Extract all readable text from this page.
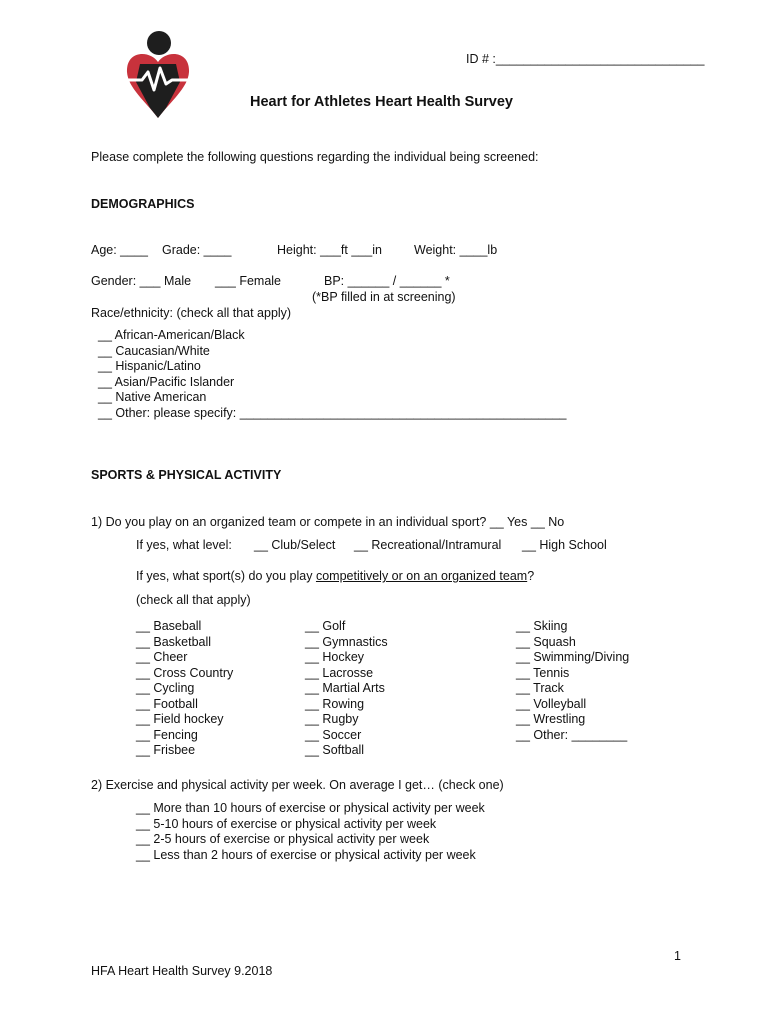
ID # :______________________________
Heart for Athletes Heart Health Survey
Please complete the following questions regarding the individual being screened:
DEMOGRAPHICS
Age: ____ Grade: ____	Height: ___ft ___in	Weight: ____lb
Gender: ___ Male ___ Female	BP: ______ / ______ *
(*BP filled in at screening)
Race/ethnicity: (check all that apply)
__ African-American/Black
__ Caucasian/White
__ Hispanic/Latino
__ Asian/Pacific Islander
__ Native American
__ Other: please specify: _______________________________________________
SPORTS & PHYSICAL ACTIVITY
1) Do you play on an organized team or compete in an individual sport? __ Yes __ No
If yes, what level: __ Club/Select __ Recreational/Intramural __ High School
If yes, what sport(s) do you play competitively or on an organized team?
(check all that apply)
__ Baseball
__ Basketball
__ Cheer
__ Cross Country
__ Cycling
__ Football
__ Field hockey
__ Fencing
__ Frisbee
__ Golf
__ Gymnastics
__ Hockey
__ Lacrosse
__ Martial Arts
__ Rowing
__ Rugby
__ Soccer
__ Softball
__ Skiing
__ Squash
__ Swimming/Diving
__ Tennis
__ Track
__ Volleyball
__ Wrestling
__ Other: ________
2) Exercise and physical activity per week. On average I get… (check one)
__ More than 10 hours of exercise or physical activity per week
__ 5-10 hours of exercise or physical activity per week
__ 2-5 hours of exercise or physical activity per week
__ Less than 2 hours of exercise or physical activity per week
1
HFA Heart Health Survey 9.2018
